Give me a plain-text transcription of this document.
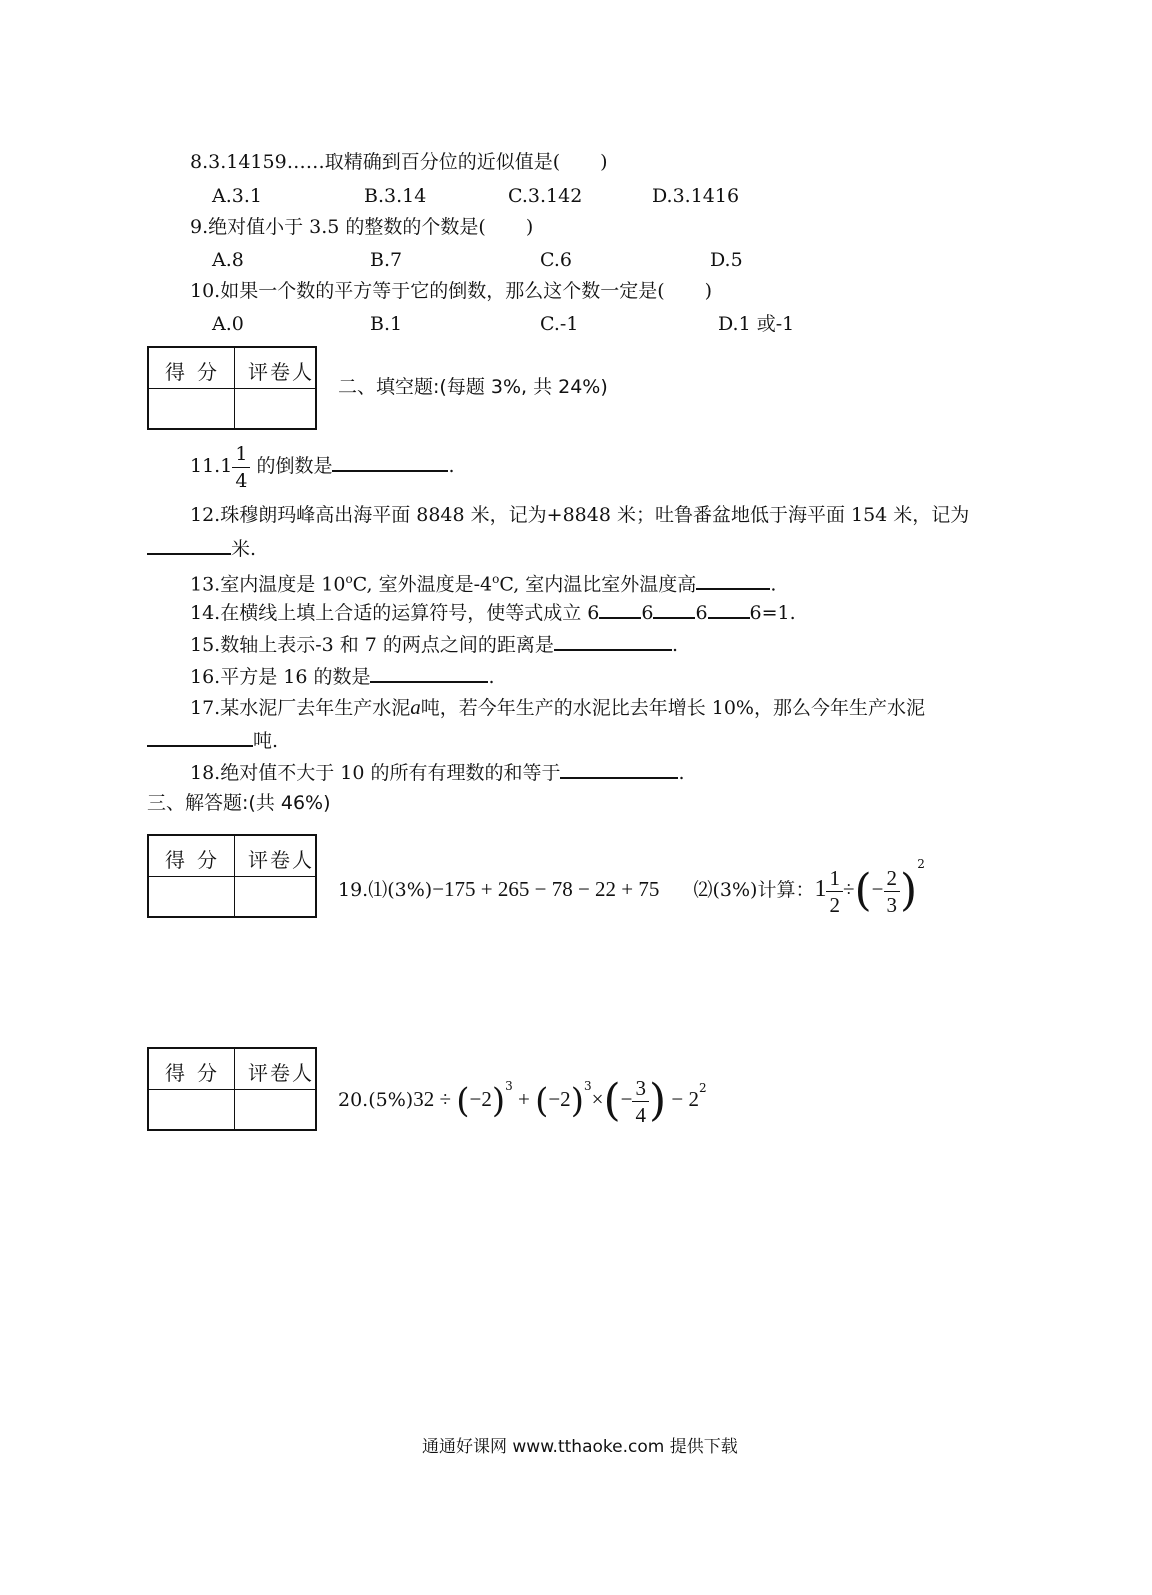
8.3.14159……取精确到百分位的近似值是( )
A.3.1	B.3.14	C.3.142	D.3.1416
9.绝对值小于 3.5 的整数的个数是( )
A.8	B.7	C.6	D.5
10.如果一个数的平方等于它的倒数，那么这个数一定是( )
A.0	B.1	C.-1	D.1 或-1
得分 评卷人
二、填空题:(每题 3%, 共 24%)
$11.1 \frac{1}{4}$ 的倒数是	.
12.珠穆朗玛峰高出海平面 8848 米，记为+8848 米；吐鲁番盆地低于海平面 154 米，记为
米.
13.室内温度是 10$^o$C, 室外温度是-4$^o$C, 室内温比室外温度高	.
14.在横线上填上合适的运算符号，使等式成立 6 6 6 6=1.
15.数轴上表示-3 和 7 的两点之间的距离是	.
16.平方是 16 的数是	.
17.某水泥厂去年生产水泥a吨，若今年生产的水泥比去年增长 10%，那么今年生产水泥
吨.
18.绝对值不大于 10 的所有有理数的和等于	.
三、解答题:(共 46%)
得分 评卷人
19.⑴(3%)−175 + 265 − 78 − 22 + 75 ⑵(3%)计算：$1 \frac{1}{2}$ ÷(− $\frac{2}{3} )^2$
得分 评卷人
$20.(5\%)32 \div (-2)^3 + (-2)^3\times(- \frac{3}{4}$ ) − $2^2$
通通好课网 www.tthaoke.com 提供下载
